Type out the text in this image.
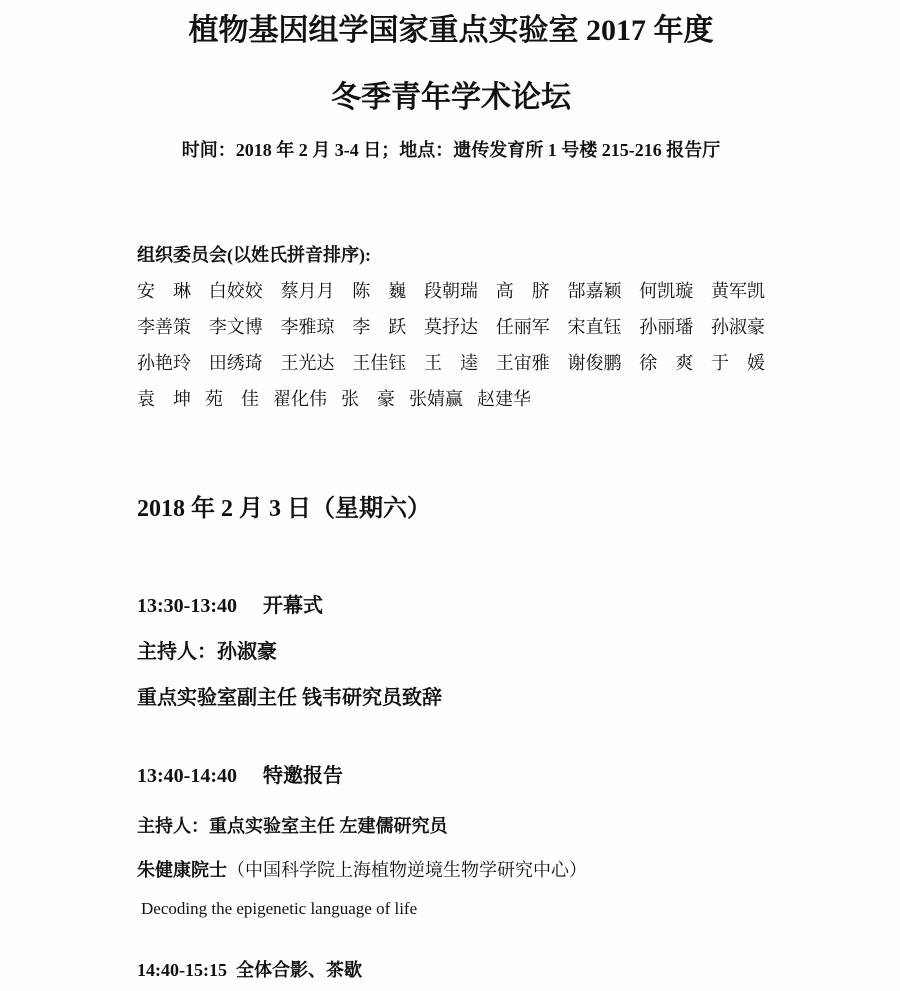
植物基因组学国家重点实验室 2017 年度
冬季青年学术论坛

时间：2018 年 2 月 3-4 日；地点：遗传发育所 1 号楼 215-216 报告厅

组织委员会(以姓氏拼音排序):

安　琳 白姣姣 蔡月月 陈　巍 段朝瑞 高　脐 郜嘉颖 何凯璇 黄军凯
李善策 李文博 李雅琼 李　跃 莫抒达 任丽军 宋直钰 孙丽璠 孙淑豪
孙艳玲 田绣琦 王光达 王佳钰 王　逵 王宙雅 谢俊鹏 徐　爽 于　媛
袁　坤 苑　佳 翟化伟 张　豪 张婧赢 赵建华
2018 年 2 月 3 日（星期六）

13:30-13:40 开幕式

主持人：孙淑豪

重点实验室副主任 钱韦研究员致辞

13:40-14:40 特邀报告

主持人：重点实验室主任 左建儒研究员

朱健康院士（中国科学院上海植物逆境生物学研究中心）

Decoding the epigenetic language of life

14:40-15:15 全体合影、茶歇
